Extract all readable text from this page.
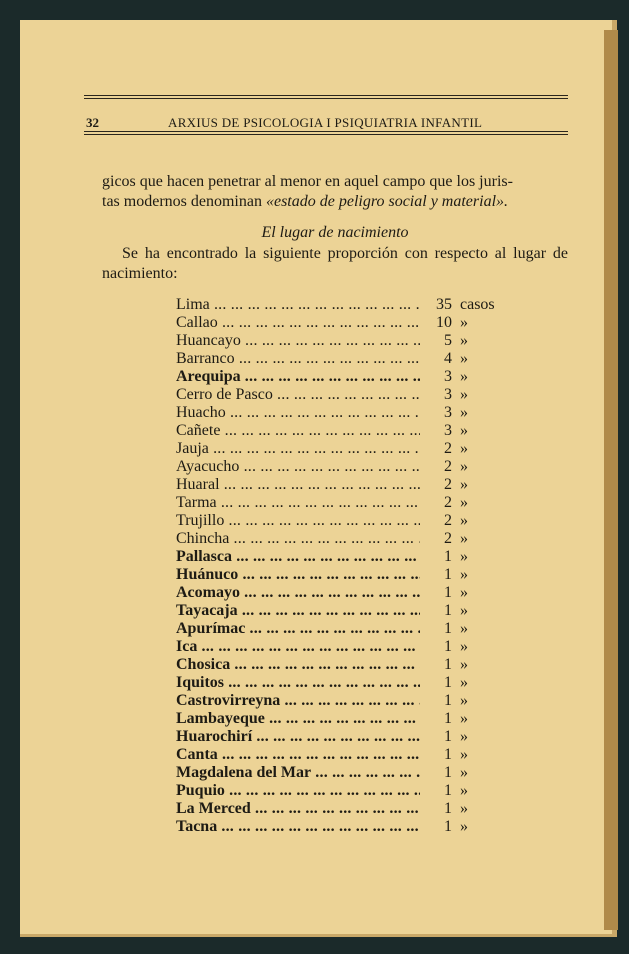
32	ARXIUS DE PSICOLOGIA I PSIQUIATRIA INFANTIL

gicos que hacen penetrar al menor en aquel campo que los juris-

tas modernos denominan «estado de peligro social y material».

El lugar de nacimiento
Se ha encontrado la siguiente proporción con respecto al lugar de nacimiento:
Lima ... .	35 casos
Callao ... .	10 »
Huancayo ... .	5 »
Barranco ... .	4 »
Arequipa ... .	3 »
Cerro de Pasco ... .	3 »
Huacho ... .	3 »
Cañete ... .	3 »
Jauja ... .	2 »
Ayacucho ... .	2 »
Huaral ... .	2 »
Tarma ... .	2 »
Trujillo ... .	2 »
Chincha ... .	2 »
Pallasca ... .	1 »
Huánuco ... .	1 »
Acomayo ... .	1 »
Tayacaja ... .	1 »
Apurímac ... .	1 »
Ica ... .	1 »
Chosica ... .	1 »
Iquitos ... .	1 »
Castrovirreyna ... .	1 »
Lambayeque ... .	1 »
Huarochirí ... .	1 »
Canta ... .	1 »
Magdalena del Mar ... .	1 »
Puquio ... .	1 »
La Merced ... .	1 »
Tacna ... .	1 »
